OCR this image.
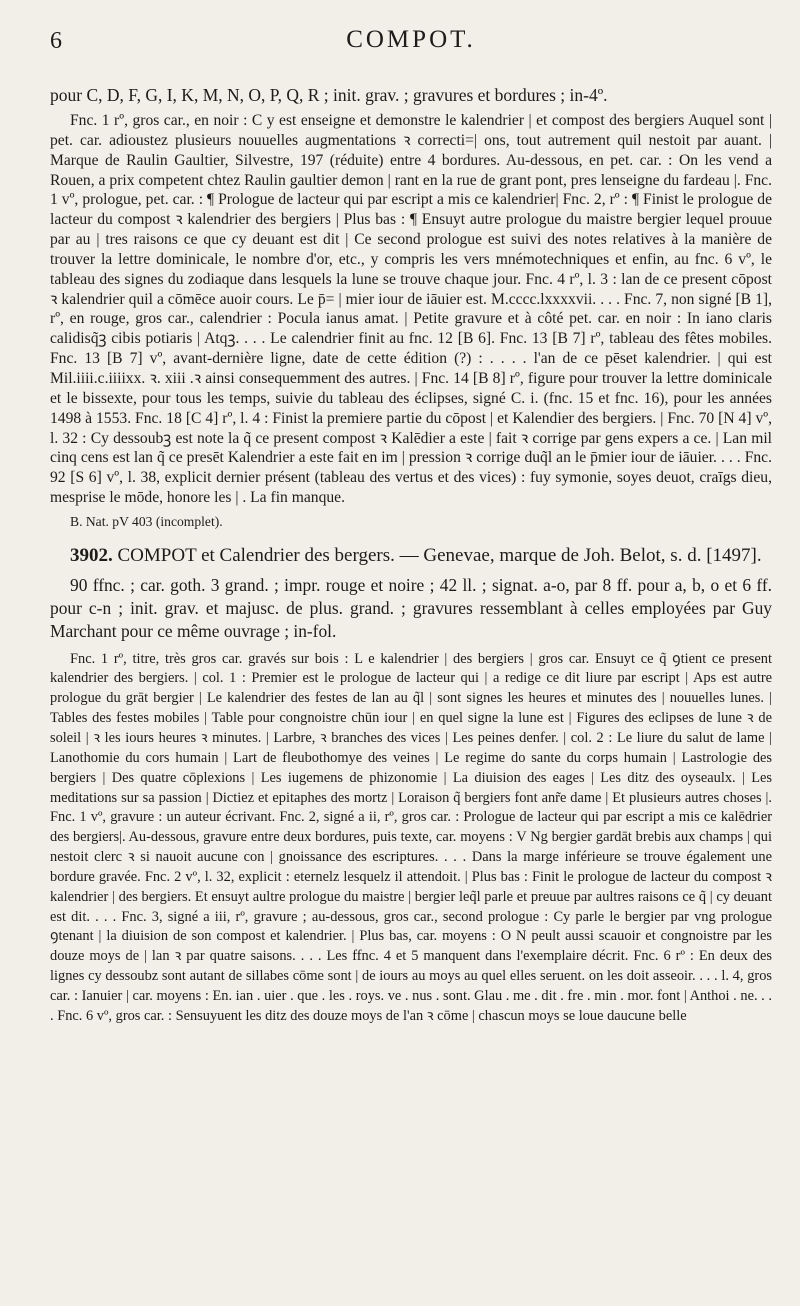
6	COMPOT.

pour C, D, F, G, I, K, M, N, O, P, Q, R ; init. grav. ; gravures et bordures ; in-4º.

Fnc. 1 rº, gros car., en noir : C y est enseigne et demonstre le kalendrier | et compost des bergiers Auquel sont | pet. car. adioustez plusieurs nouuelles augmentations ꝛ correcti=| ons, tout autrement quil nestoit par auant. | Marque de Raulin Gaultier, Silvestre, 197 (réduite) entre 4 bordures. Au-dessous, en pet. car. : On les vend a Rouen, a prix competent chtez Raulin gaultier demon | rant en la rue de grant pont, pres lenseigne du fardeau |. Fnc. 1 vº, prologue, pet. car. : ¶ Prologue de lacteur qui par escript a mis ce kalendrier| Fnc. 2, rº : ¶ Finist le prologue de lacteur du compost ꝛ kalendrier des bergiers | Plus bas : ¶ Ensuyt autre prologue du maistre bergier lequel prouue par au | tres raisons ce que cy deuant est dit | Ce second prologue est suivi des notes relatives à la manière de trouver la lettre dominicale, le nombre d'or, etc., y compris les vers mnémotechniques et enfin, au fnc. 6 vº, le tableau des signes du zodiaque dans lesquels la lune se trouve chaque jour. Fnc. 4 rº, l. 3 : lan de ce present cōpost ꝛ kalendrier quil a cōmēce auoir cours. Le p̄= | mier iour de iāuier est. M.cccc.lxxxxvii. . . . Fnc. 7, non signé [B 1], rº, en rouge, gros car., calendrier : Pocula ianus amat. | Petite gravure et à côté pet. car. en noir : In iano claris calidisq̃ꝫ cibis potiaris | Atqꝫ. . . . Le calendrier finit au fnc. 12 [B 6]. Fnc. 13 [B 7] rº, tableau des fêtes mobiles. Fnc. 13 [B 7] vº, avant-dernière ligne, date de cette édition (?) : . . . . l'an de ce pēset kalendrier. | qui est Mil.iiii.c.iiiixx. ꝛ. xiii .ꝛ ainsi consequemment des autres. | Fnc. 14 [B 8] rº, figure pour trouver la lettre dominicale et le bissexte, pour tous les temps, suivie du tableau des éclipses, signé C. i. (fnc. 15 et fnc. 16), pour les années 1498 à 1553. Fnc. 18 [C 4] rº, l. 4 : Finist la premiere partie du cōpost | et Kalendier des bergiers. | Fnc. 70 [N 4] vº, l. 32 : Cy dessoubꝫ est note la q̃ ce present compost ꝛ Kalēdier a este | fait ꝛ corrige par gens expers a ce. | Lan mil cinq cens est lan q̃ ce presēt Kalendrier a este fait en im | pression ꝛ corrige duq̃l an le p̄mier iour de iāuier. . . . Fnc. 92 [S 6] vº, l. 38, explicit dernier présent (tableau des vertus et des vices) : fuy symonie, soyes deuot, craīgs dieu, mesprise le mōde, honore les | . La fin manque.

B. Nat. pV 403 (incomplet).

3902. COMPOT et Calendrier des bergers. — Genevae, marque de Joh. Belot, s. d. [1497].

90 ffnc. ; car. goth. 3 grand. ; impr. rouge et noire ; 42 ll. ; signat. a-o, par 8 ff. pour a, b, o et 6 ff. pour c-n ; init. grav. et majusc. de plus. grand. ; gravures ressemblant à celles employées par Guy Marchant pour ce même ouvrage ; in-fol.

Fnc. 1 rº, titre, très gros car. gravés sur bois : L e kalendrier | des bergiers | gros car. Ensuyt ce q̃ ꝯtient ce present kalendrier des bergiers. | col. 1 : Premier est le prologue de lacteur qui | a redige ce dit liure par escript | Aps est autre prologue du grāt bergier | Le kalendrier des festes de lan au q̃l | sont signes les heures et minutes des | nouuelles lunes. | Tables des festes mobiles | Table pour congnoistre chūn iour | en quel signe la lune est | Figures des eclipses de lune ꝛ de soleil | ꝛ les iours heures ꝛ minutes. | Larbre, ꝛ branches des vices | Les peines denfer. | col. 2 : Le liure du salut de lame | Lanothomie du cors humain | Lart de fleubothomye des veines | Le regime do sante du corps humain | Lastrologie des bergiers | Des quatre cōplexions | Les iugemens de phizonomie | La diuision des eages | Les ditz des oyseaulx. | Les meditations sur sa passion | Dictiez et epitaphes des mortz | Loraison q̃ bergiers font anr̃e dame | Et plusieurs autres choses |. Fnc. 1 vº, gravure : un auteur écrivant. Fnc. 2, signé a ii, rº, gros car. : Prologue de lacteur qui par escript a mis ce kalēdrier des bergiers|. Au-dessous, gravure entre deux bordures, puis texte, car. moyens : V Ng bergier gardāt brebis aux champs | qui nestoit clerc ꝛ si nauoit aucune con | gnoissance des escriptures. . . . Dans la marge inférieure se trouve également une bordure gravée. Fnc. 2 vº, l. 32, explicit : eternelz lesquelz il attendoit. | Plus bas : Finit le prologue de lacteur du compost ꝛ kalendrier | des bergiers. Et ensuyt aultre prologue du maistre | bergier leq̃l parle et preuue par aultres raisons ce q̃ | cy deuant est dit. . . . Fnc. 3, signé a iii, rº, gravure ; au-dessous, gros car., second prologue : Cy parle le bergier par vng prologue ꝯtenant | la diuision de son compost et kalendrier. | Plus bas, car. moyens : O N peult aussi scauoir et congnoistre par les douze moys de | lan ꝛ par quatre saisons. . . . Les ffnc. 4 et 5 manquent dans l'exemplaire décrit. Fnc. 6 rº : En deux des lignes cy dessoubz sont autant de sillabes cōme sont | de iours au moys au quel elles seruent. on les doit asseoir. . . . l. 4, gros car. : Ianuier | car. moyens : En. ian . uier . que . les . roys. ve . nus . sont. Glau . me . dit . fre . min . mor. font | Anthoi . ne. . . . Fnc. 6 vº, gros car. : Sensuyuent les ditz des douze moys de l'an ꝛ cōme | chascun moys se loue daucune belle
